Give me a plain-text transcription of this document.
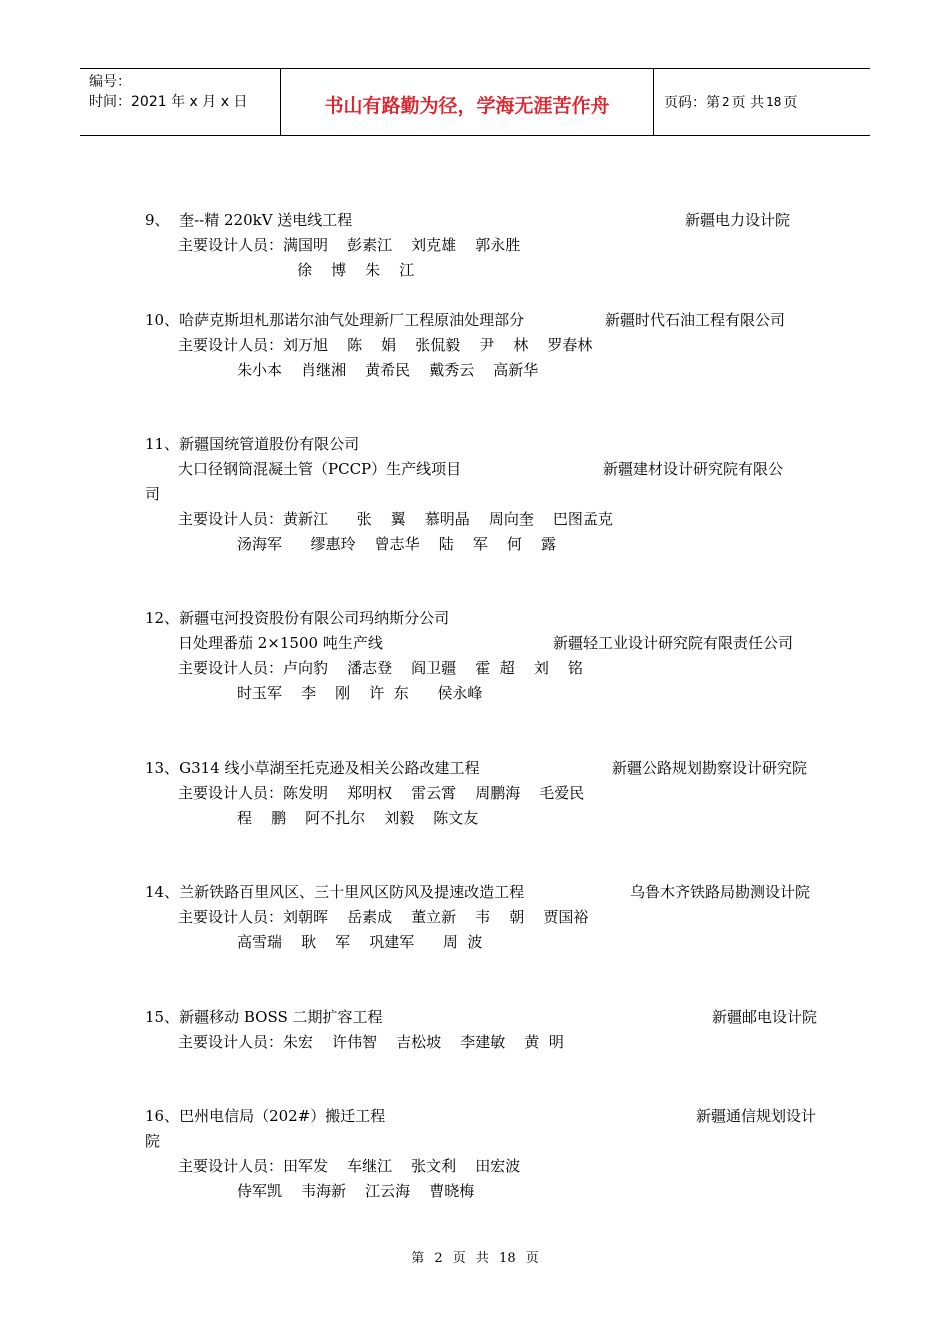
编号：
时间：2021 年 x 月 x 日	书山有路勤为径，学海无涯苦作舟	页码：第 2 页 共 18 页
9、  奎--精 220kV 送电线工程	新疆电力设计院
主要设计人员：满国明    彭素江    刘克雄    郭永胜
徐    博    朱    江
10、哈萨克斯坦札那诺尔油气处理新厂工程原油处理部分	新疆时代石油工程有限公司
主要设计人员：刘万旭    陈    娟    张侃毅    尹    林    罗春林
朱小本    肖继湘    黄希民    戴秀云    高新华
11、新疆国统管道股份有限公司
大口径钢筒混凝土管（PCCP）生产线项目	新疆建材设计研究院有限公
司
主要设计人员：黄新江      张    翼    慕明晶    周向奎    巴图孟克
汤海军      缪惠玲    曾志华    陆    军    何    露
12、新疆屯河投资股份有限公司玛纳斯分公司
日处理番茄 2×1500 吨生产线	新疆轻工业设计研究院有限责任公司
主要设计人员：卢向豹    潘志登    阎卫疆    霍  超    刘    铭
时玉军    李    刚    许  东      侯永峰
13、G314 线小草湖至托克逊及相关公路改建工程	新疆公路规划勘察设计研究院
主要设计人员：陈发明    郑明权    雷云霄    周鹏海    毛爱民
程    鹏    阿不扎尔    刘毅    陈文友
14、兰新铁路百里风区、三十里风区防风及提速改造工程	乌鲁木齐铁路局勘测设计院
主要设计人员：刘朝晖    岳素成    董立新    韦    朝    贾国裕
高雪瑞    耿    军    巩建军      周  波
15、新疆移动 BOSS 二期扩容工程	新疆邮电设计院
主要设计人员：朱宏    许伟智    吉松坡    李建敏    黄  明
16、巴州电信局（202#）搬迁工程	新疆通信规划设计
院
主要设计人员：田军发    车继江    张文利    田宏波
侍军凯    韦海新    江云海    曹晓梅
第 2 页 共 18 页
